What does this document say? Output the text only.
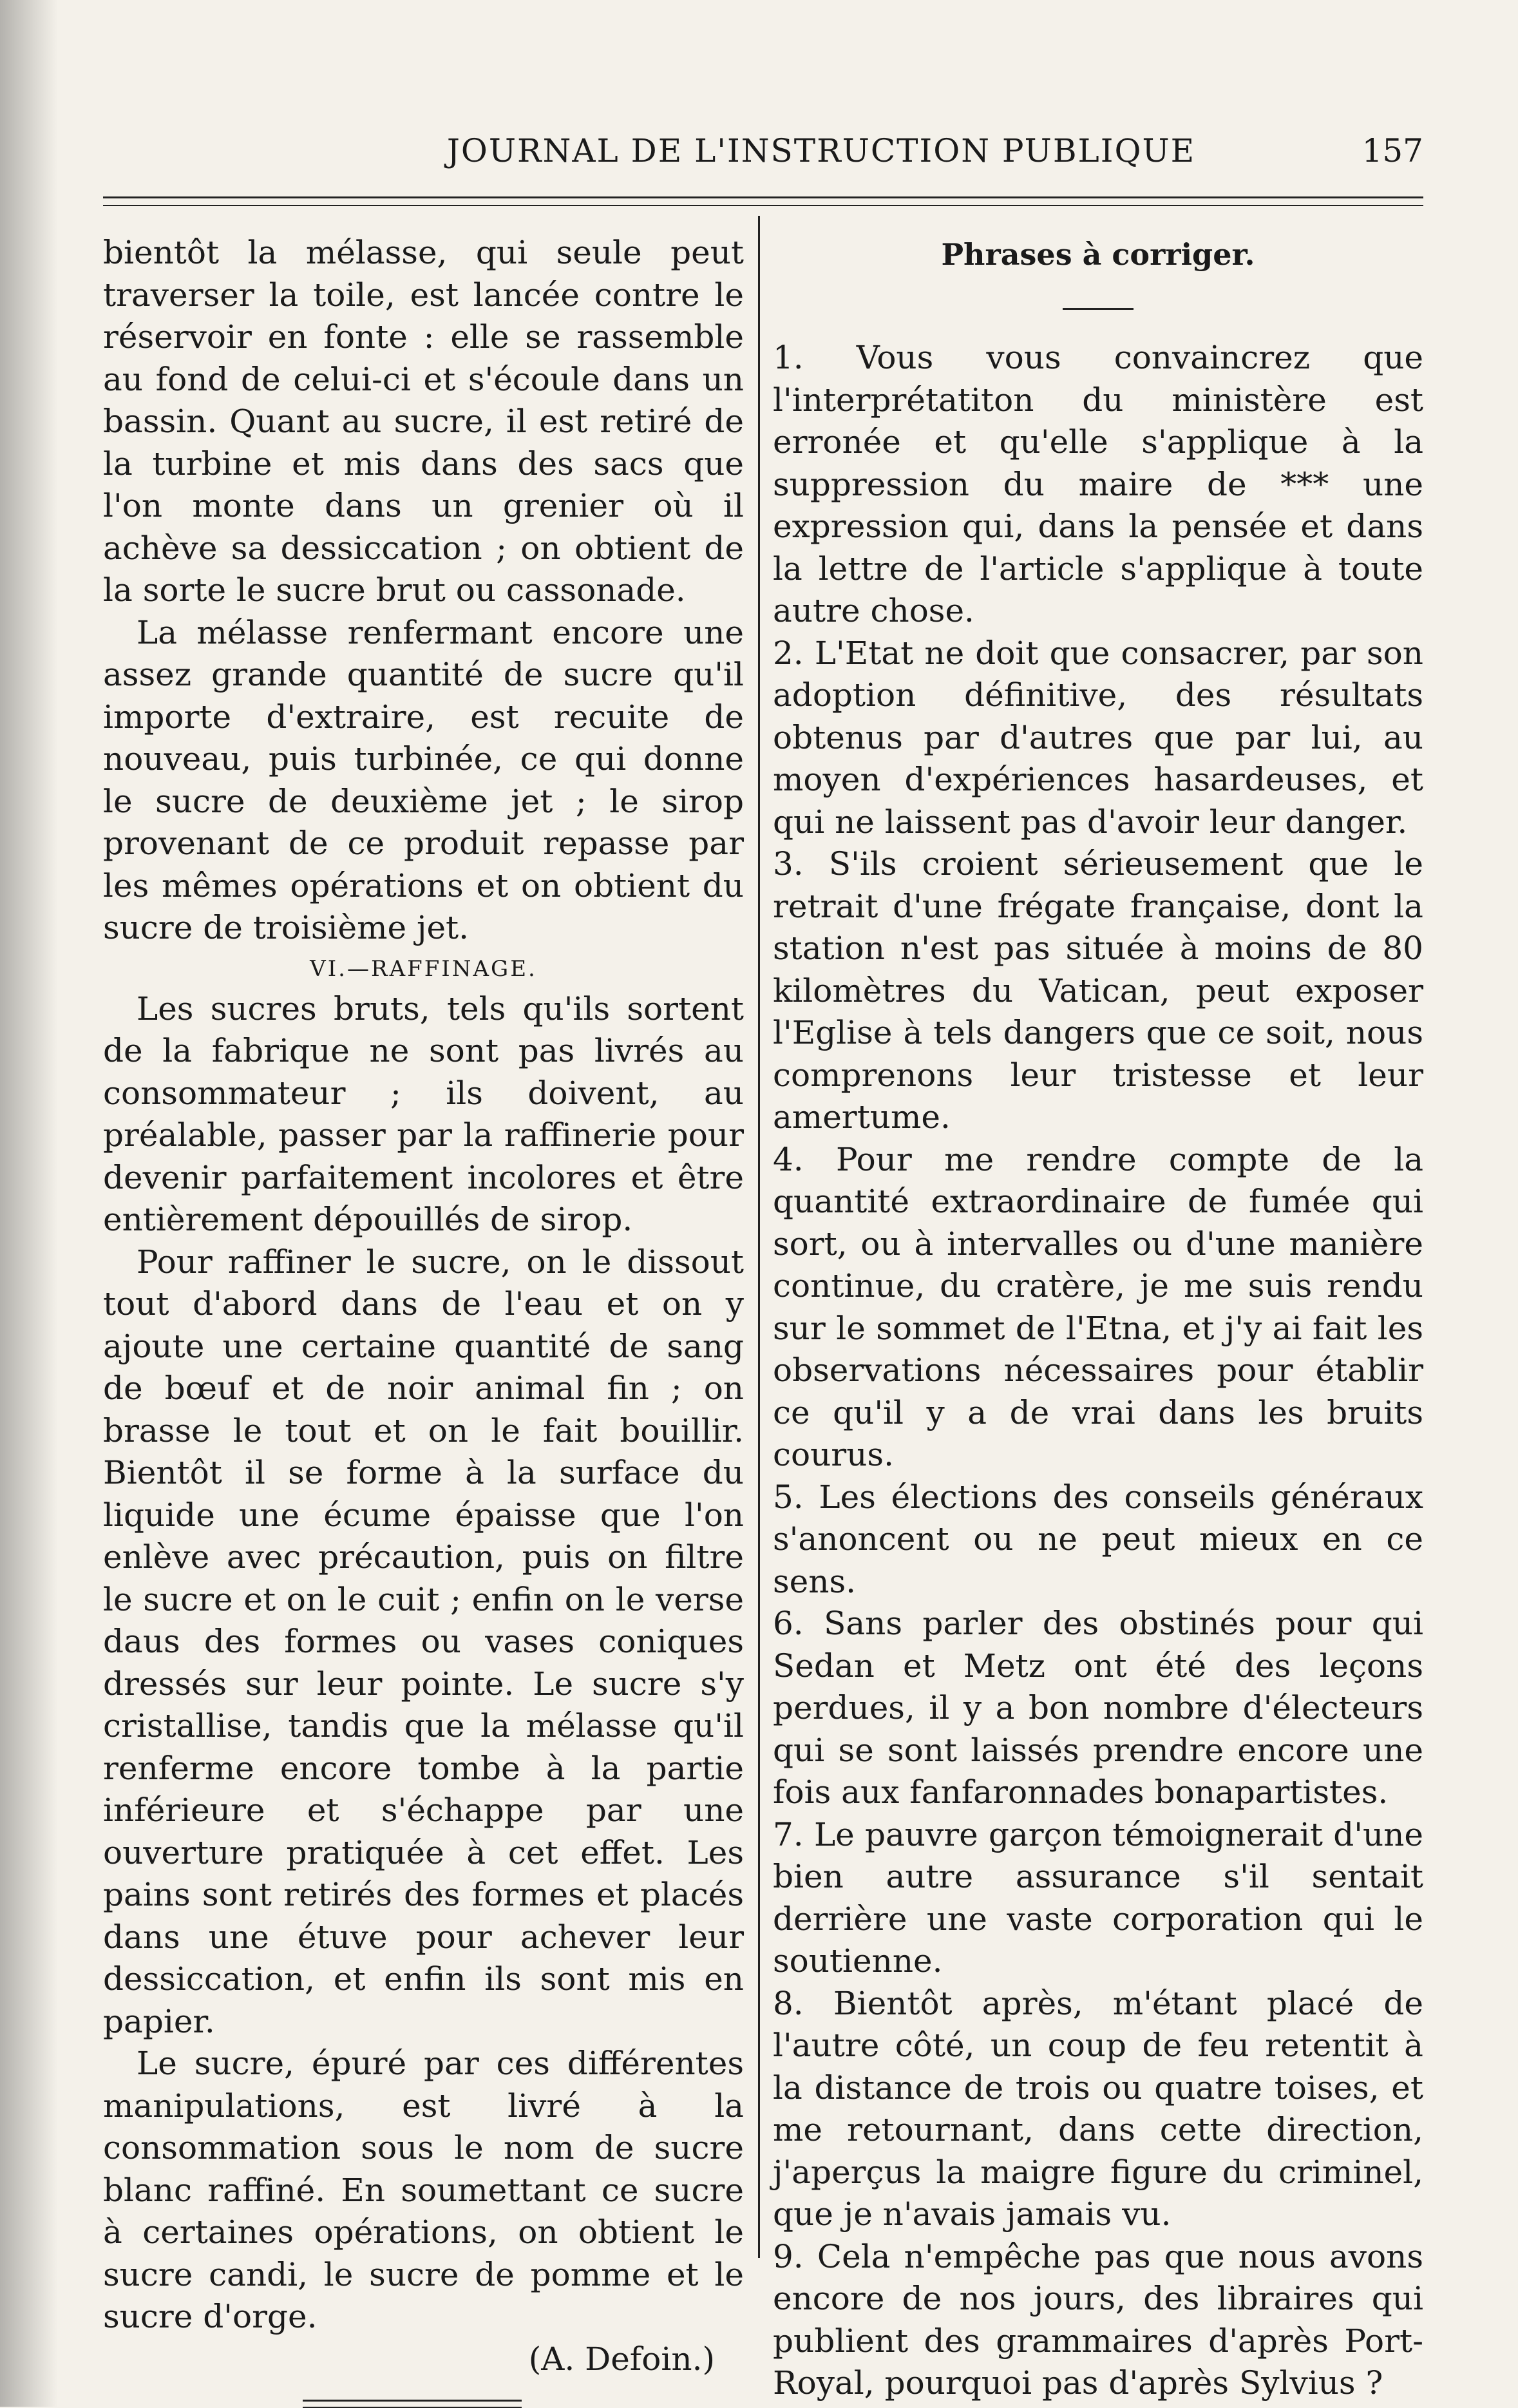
JOURNAL DE L'INSTRUCTION PUBLIQUE	157

bientôt la mélasse, qui seule peut traverser la toile, est lancée contre le réservoir en fonte : elle se rassemble au fond de celui-ci et s'écoule dans un bassin. Quant au sucre, il est retiré de la turbine et mis dans des sacs que l'on monte dans un grenier où il achève sa dessiccation ; on obtient de la sorte le sucre brut ou cassonade.

La mélasse renfermant encore une assez grande quantité de sucre qu'il importe d'extraire, est recuite de nouveau, puis turbinée, ce qui donne le sucre de deuxième jet ; le sirop provenant de ce produit repasse par les mêmes opérations et on obtient du sucre de troisième jet.

VI.—RAFFINAGE.

Les sucres bruts, tels qu'ils sortent de la fabrique ne sont pas livrés au consommateur ; ils doivent, au préalable, passer par la raffinerie pour devenir parfaitement incolores et être entièrement dépouillés de sirop.

Pour raffiner le sucre, on le dissout tout d'abord dans de l'eau et on y ajoute une certaine quantité de sang de bœuf et de noir animal fin ; on brasse le tout et on le fait bouillir. Bientôt il se forme à la surface du liquide une écume épaisse que l'on enlève avec précaution, puis on filtre le sucre et on le cuit ; enfin on le verse daus des formes ou vases coniques dressés sur leur pointe. Le sucre s'y cristallise, tandis que la mélasse qu'il renferme encore tombe à la partie inférieure et s'échappe par une ouverture pratiquée à cet effet. Les pains sont retirés des formes et placés dans une étuve pour achever leur dessiccation, et enfin ils sont mis en papier.

Le sucre, épuré par ces différentes manipulations, est livré à la consommation sous le nom de sucre blanc raffiné. En soumettant ce sucre à certaines opérations, on obtient le sucre candi, le sucre de pomme et le sucre d'orge.

(A. Defoin.)

Phrases à corriger.

1. Vous vous convaincrez que l'interprétatiton du ministère est erronée et qu'elle s'applique à la suppression du maire de *** une expression qui, dans la pensée et dans la lettre de l'article s'applique à toute autre chose.

2. L'Etat ne doit que consacrer, par son adoption définitive, des résultats obtenus par d'autres que par lui, au moyen d'expériences hasardeuses, et qui ne laissent pas d'avoir leur danger.

3. S'ils croient sérieusement que le retrait d'une frégate française, dont la station n'est pas située à moins de 80 kilomètres du Vatican, peut exposer l'Eglise à tels dangers que ce soit, nous comprenons leur tristesse et leur amertume.

4. Pour me rendre compte de la quantité extraordinaire de fumée qui sort, ou à intervalles ou d'une manière continue, du cratère, je me suis rendu sur le sommet de l'Etna, et j'y ai fait les observations nécessaires pour établir ce qu'il y a de vrai dans les bruits courus.

5. Les élections des conseils généraux s'anoncent ou ne peut mieux en ce sens.

6. Sans parler des obstinés pour qui Sedan et Metz ont été des leçons perdues, il y a bon nombre d'électeurs qui se sont laissés prendre encore une fois aux fanfaronnades bonapartistes.

7. Le pauvre garçon témoignerait d'une bien autre assurance s'il sentait derrière une vaste corporation qui le soutienne.

8. Bientôt après, m'étant placé de l'autre côté, un coup de feu retentit à la distance de trois ou quatre toises, et me retournant, dans cette direction, j'aperçus la maigre figure du criminel, que je n'avais jamais vu.

9. Cela n'empêche pas que nous avons encore de nos jours, des libraires qui publient des grammaires d'après Port-Royal, pourquoi pas d'après Sylvius ?
